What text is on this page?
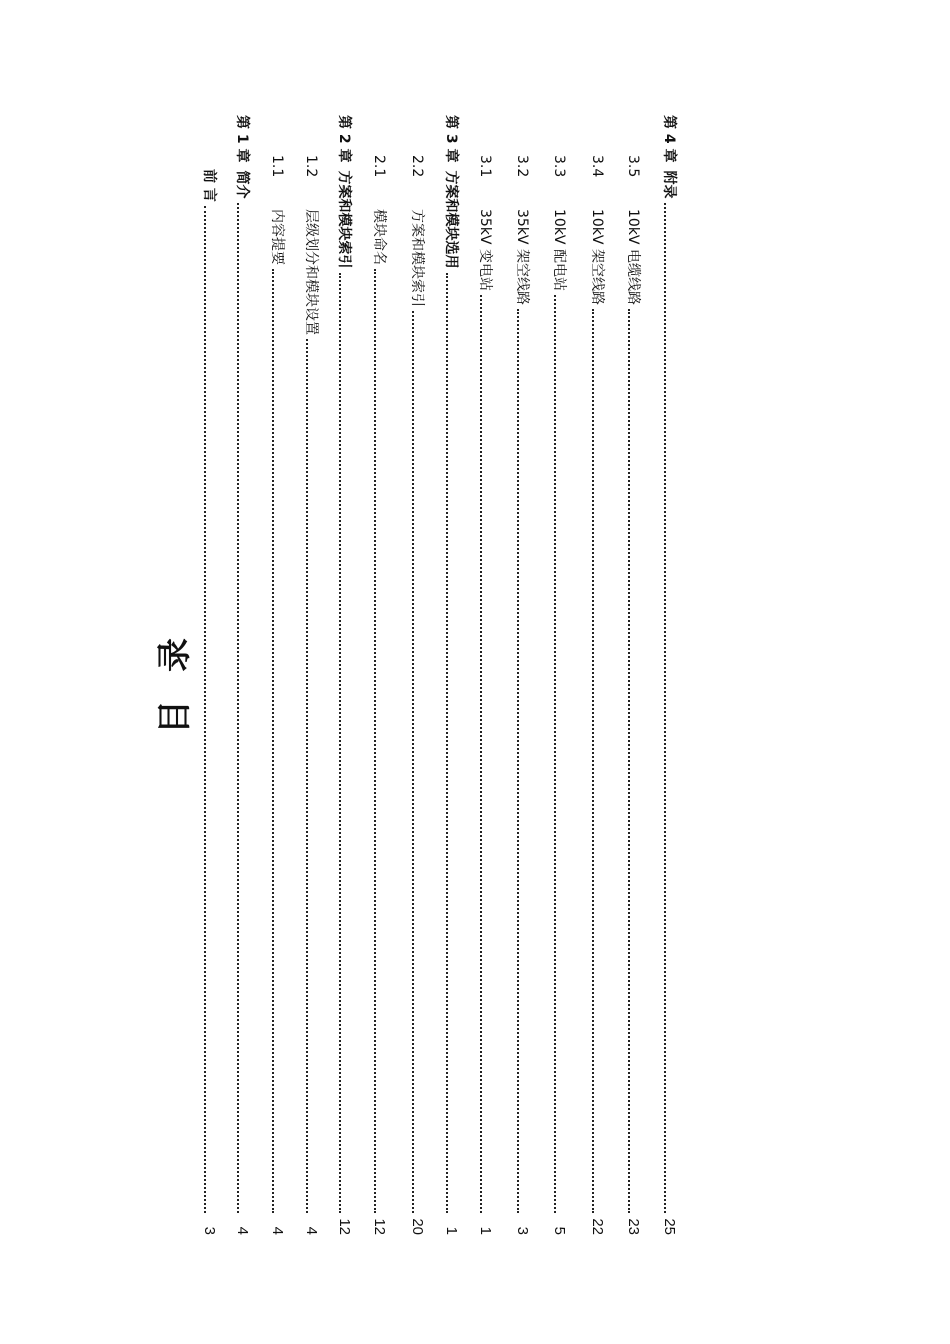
目录
前 言
3
第 1 章
简介
4
1.1
内容提要
4
1.2
层级划分和模块设置
4
第 2 章
方案和模块索引
12
2.1
模块命名
12
2.2
方案和模块索引
20
第 3 章
方案和模块选用
1
3.1
35kV 变电站
1
3.2
35kV 架空线路
3
3.3
10kV 配电站
5
3.4
10kV 架空线路
22
3.5
10kV 电缆线路
23
第 4 章
附录
25
